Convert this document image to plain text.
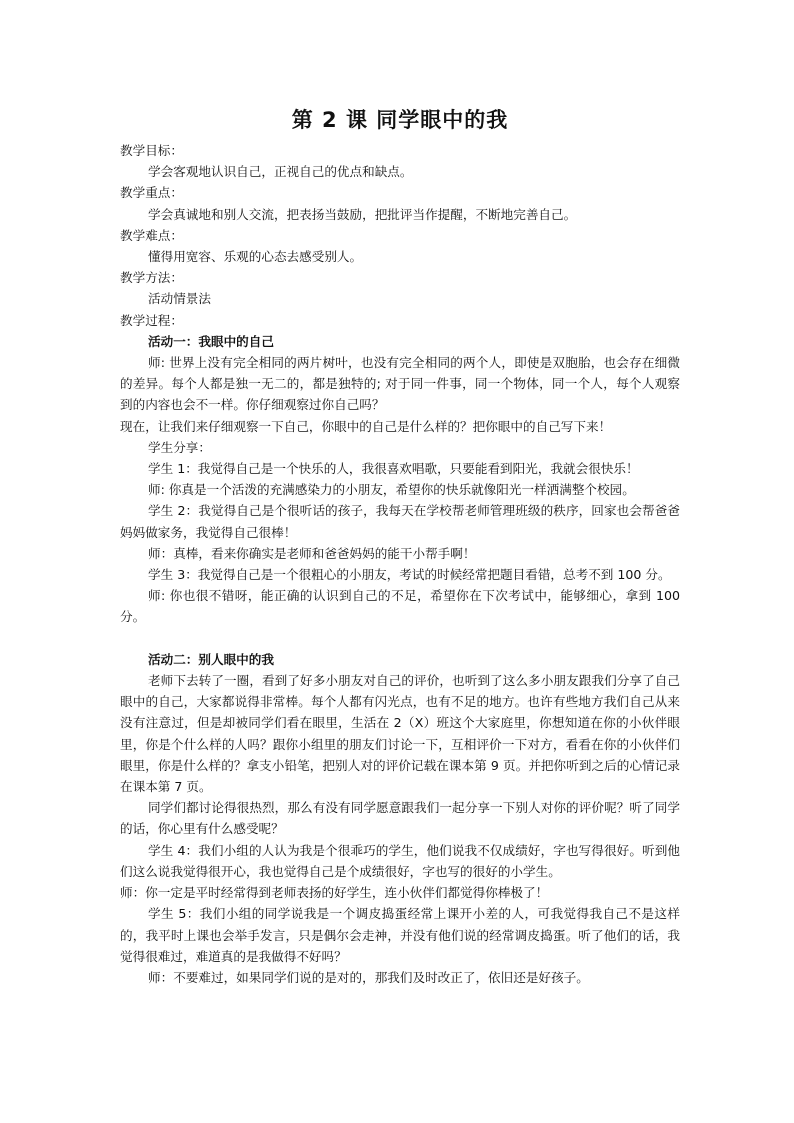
第 2 课 同学眼中的我

教学目标：

学会客观地认识自己，正视自己的优点和缺点。

教学重点：

学会真诚地和别人交流，把表扬当鼓励，把批评当作提醒，不断地完善自己。

教学难点：

懂得用宽容、乐观的心态去感受别人。

教学方法：

活动情景法

教学过程：

活动一：我眼中的自己

师: 世界上没有完全相同的两片树叶，也没有完全相同的两个人，即使是双胞胎，也会存在细微的差异。每个人都是独一无二的，都是独特的; 对于同一件事，同一个物体，同一个人，每个人观察到的内容也会不一样。你仔细观察过你自己吗？

现在，让我们来仔细观察一下自己，你眼中的自己是什么样的？把你眼中的自己写下来！

学生分享：

学生 1：我觉得自己是一个快乐的人，我很喜欢唱歌，只要能看到阳光，我就会很快乐！

师: 你真是一个活泼的充满感染力的小朋友，希望你的快乐就像阳光一样洒满整个校园。

学生 2：我觉得自己是个很听话的孩子，我每天在学校帮老师管理班级的秩序，回家也会帮爸爸妈妈做家务，我觉得自己很棒！

师：真棒，看来你确实是老师和爸爸妈妈的能干小帮手啊！

学生 3：我觉得自己是一个很粗心的小朋友，考试的时候经常把题目看错，总考不到 100 分。

师: 你也很不错呀，能正确的认识到自己的不足，希望你在下次考试中，能够细心，拿到 100 分。

活动二：别人眼中的我

老师下去转了一圈，看到了好多小朋友对自己的评价，也听到了这么多小朋友跟我们分享了自己眼中的自己，大家都说得非常棒。每个人都有闪光点，也有不足的地方。也许有些地方我们自己从来没有注意过，但是却被同学们看在眼里，生活在 2（X）班这个大家庭里，你想知道在你的小伙伴眼里，你是个什么样的人吗？跟你小组里的朋友们讨论一下，互相评价一下对方，看看在你的小伙伴们眼里，你是什么样的？拿支小铅笔，把别人对的评价记载在课本第 9 页。并把你听到之后的心情记录在课本第 7 页。

同学们都讨论得很热烈，那么有没有同学愿意跟我们一起分享一下别人对你的评价呢？听了同学的话，你心里有什么感受呢？

学生 4：我们小组的人认为我是个很乖巧的学生，他们说我不仅成绩好，字也写得很好。听到他们这么说我觉得很开心，我也觉得自己是个成绩很好，字也写的很好的小学生。

师：你一定是平时经常得到老师表扬的好学生，连小伙伴们都觉得你棒极了！

学生 5：我们小组的同学说我是一个调皮捣蛋经常上课开小差的人，可我觉得我自己不是这样的，我平时上课也会举手发言，只是偶尔会走神，并没有他们说的经常调皮捣蛋。听了他们的话，我觉得很难过，难道真的是我做得不好吗？

师：不要难过，如果同学们说的是对的，那我们及时改正了，依旧还是好孩子。
